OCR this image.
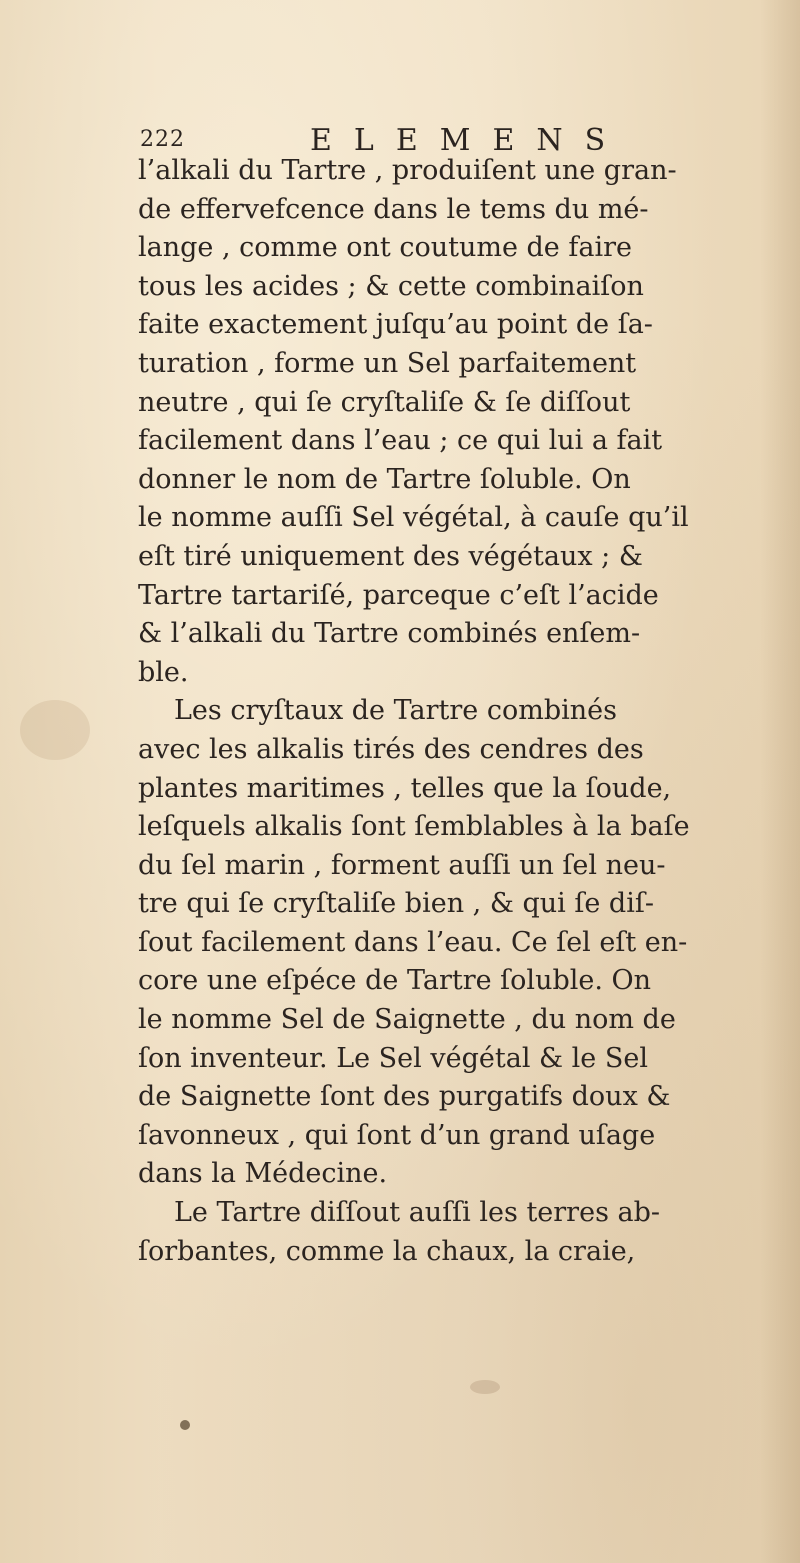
222	ELEMENS
l’alkali du Tartre , produiſent une gran-
de effervefcence dans le tems du mé-
lange , comme ont coutume de faire
tous les acides ; & cette combinaiſon
faite exactement juſqu’au point de ſa-
turation , forme un Sel parfaitement
neutre , qui ſe cryſtaliſe & ſe diſſout
facilement dans l’eau ; ce qui lui a fait
donner le nom de Tartre ſoluble. On
le nomme auſſi Sel végétal, à cauſe qu’il
eſt tiré uniquement des végétaux ; &
Tartre tartariſé, parceque c’eſt l’acide
& l’alkali du Tartre combinés enſem-
ble.
Les cryſtaux de Tartre combinés
avec les alkalis tirés des cendres des
plantes maritimes , telles que la ſoude,
leſquels alkalis ſont ſemblables à la baſe
du ſel marin , forment auſſi un ſel neu-
tre qui ſe cryſtaliſe bien , & qui ſe diſ-
ſout facilement dans l’eau. Ce ſel eſt en-
core une eſpéce de Tartre ſoluble. On
le nomme Sel de Saignette , du nom de
ſon inventeur. Le Sel végétal & le Sel
de Saignette ſont des purgatifs doux &
ſavonneux , qui ſont d’un grand uſage
dans la Médecine.
Le Tartre diſſout auſſi les terres ab-
ſorbantes, comme la chaux, la craie,
